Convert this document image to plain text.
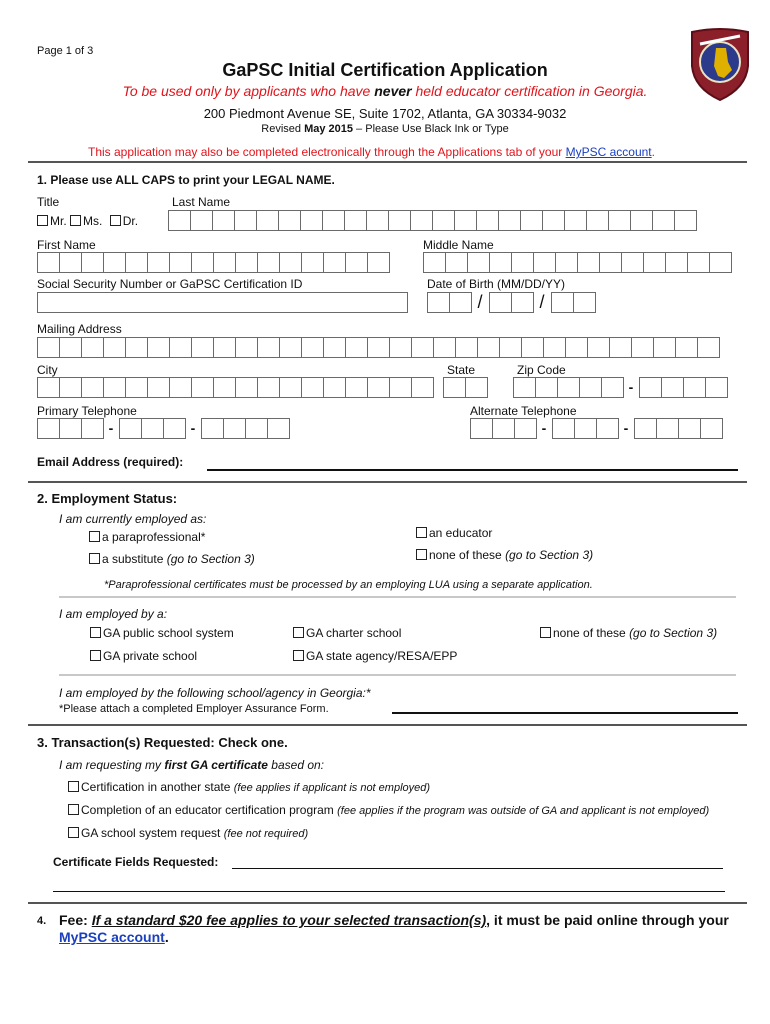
Page 1 of 3
GaPSC Initial Certification Application
To be used only by applicants who have never held educator certification in Georgia.
200 Piedmont Avenue SE, Suite 1702, Atlanta, GA 30334-9032
Revised May 2015 – Please Use Black Ink or Type
This application may also be completed electronically through the Applications tab of your MyPSC account.
1. Please use ALL CAPS to print your LEGAL NAME.
Title	Last Name
Mr. Ms. Dr.
First Name	Middle Name
Social Security Number or GaPSC Certification ID	Date of Birth (MM/DD/YY)
/	/
Mailing Address
City	State	Zip Code
-
Primary Telephone	Alternate Telephone
-	-	-	-
Email Address (required):
2. Employment Status:
I am currently employed as:
a paraprofessional*	an educator
a substitute (go to Section 3)	none of these (go to Section 3)
*Paraprofessional certificates must be processed by an employing LUA using a separate application.
I am employed by a:
GA public school system	GA charter school	none of these (go to Section 3)
GA private school	GA state agency/RESA/EPP
I am employed by the following school/agency in Georgia:*
*Please attach a completed Employer Assurance Form.
3. Transaction(s) Requested: Check one.
I am requesting my first GA certificate based on:
Certification in another state (fee applies if applicant is not employed)
Completion of an educator certification program (fee applies if the program was outside of GA and applicant is not employed)
GA school system request (fee not required)
Certificate Fields Requested:
4. Fee: If a standard $20 fee applies to your selected transaction(s), it must be paid online through your
MyPSC account.
